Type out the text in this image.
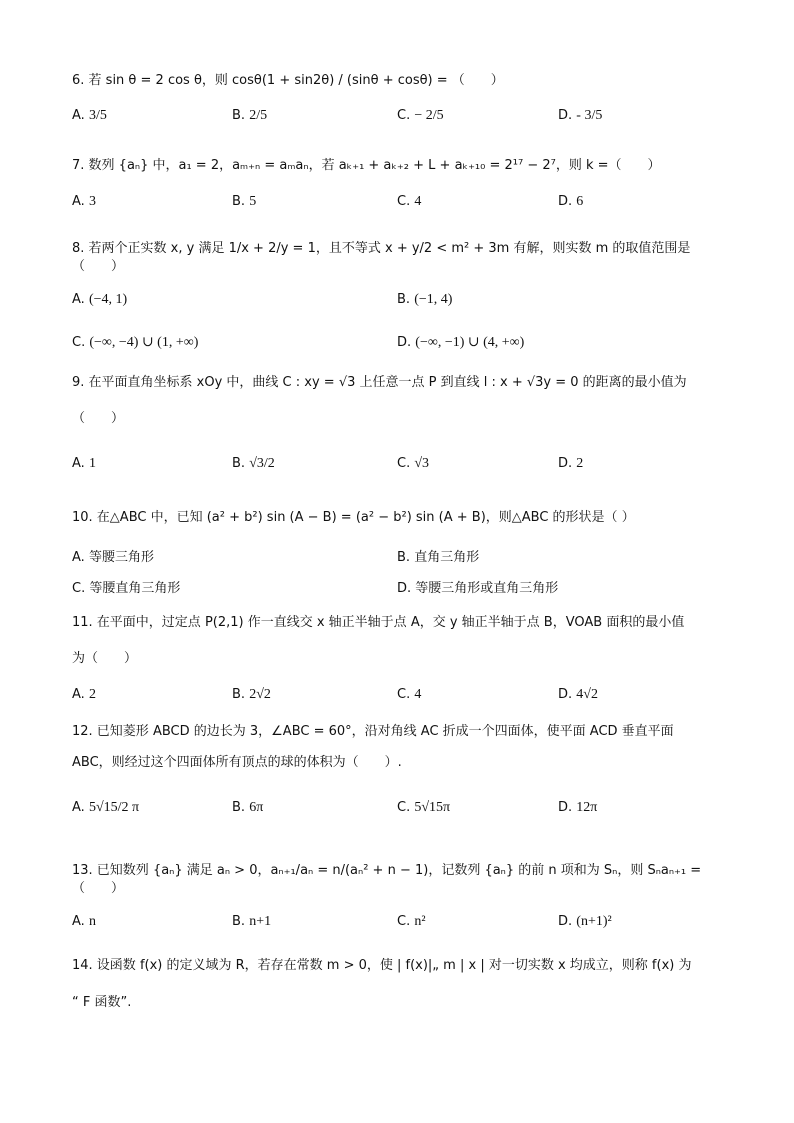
6. 若 sin θ = 2 cos θ，则 cosθ(1 + sin2θ) / (sinθ + cosθ) = （　　）
A. 3/5	B. 2/5	C. − 2/5	D. - 3/5
7. 数列 {aₙ} 中，a₁ = 2，aₘ₊ₙ = aₘaₙ，若 aₖ₊₁ + aₖ₊₂ + L + aₖ₊₁₀ = 2¹⁷ − 2⁷，则 k =（　　）
A. 3	B. 5	C. 4	D. 6
8. 若两个正实数 x, y 满足 1/x + 2/y = 1，且不等式 x + y/2 < m² + 3m 有解，则实数 m 的取值范围是（　　）
A. (−4, 1)	B. (−1, 4)
C. (−∞, −4) ∪ (1, +∞)	D. (−∞, −1) ∪ (4, +∞)
9. 在平面直角坐标系 xOy 中，曲线 C : xy = √3 上任意一点 P 到直线 l : x + √3y = 0 的距离的最小值为
（　　）
A. 1	B. √3/2	C. √3	D. 2
10. 在△ABC 中，已知 (a² + b²) sin (A − B) = (a² − b²) sin (A + B)，则△ABC 的形状是（ ）
A. 等腰三角形	B. 直角三角形
C. 等腰直角三角形	D. 等腰三角形或直角三角形
11. 在平面中，过定点 P(2,1) 作一直线交 x 轴正半轴于点 A，交 y 轴正半轴于点 B，VOAB 面积的最小值
为（　　）
A. 2	B. 2√2	C. 4	D. 4√2
12. 已知菱形 ABCD 的边长为 3，∠ABC = 60°，沿对角线 AC 折成一个四面体，使平面 ACD 垂直平面
ABC，则经过这个四面体所有顶点的球的体积为（　　）.
A. 5√15/2 π	B. 6π	C. 5√15π	D. 12π
13. 已知数列 {aₙ} 满足 aₙ > 0，aₙ₊₁/aₙ = n/(aₙ² + n − 1)，记数列 {aₙ} 的前 n 项和为 Sₙ，则 Sₙaₙ₊₁ =（　　）
A. n	B. n+1	C. n²	D. (n+1)²
14. 设函数 f(x) 的定义域为 R，若存在常数 m > 0，使 | f(x)|„ m | x | 对一切实数 x 均成立，则称 f(x) 为
“ F 函数”.
